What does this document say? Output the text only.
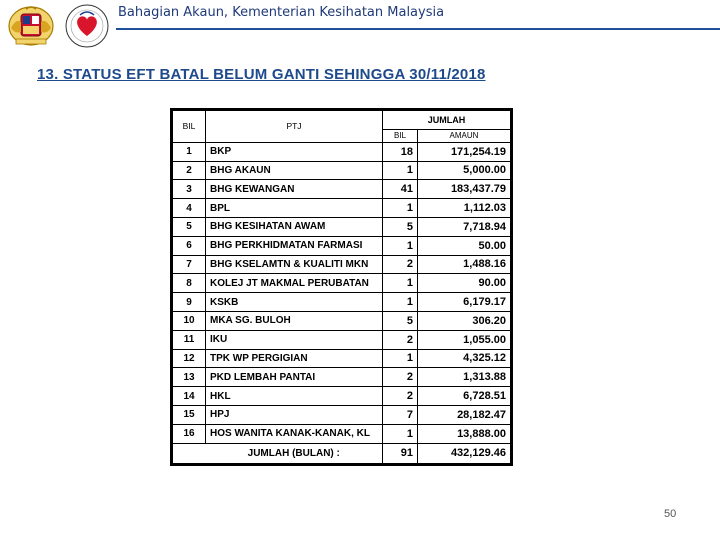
Bahagian Akaun, Kementerian Kesihatan Malaysia
13. STATUS EFT BATAL BELUM GANTI SEHINGGA 30/11/2018
BIL	PTJ	JUMLAH	
		BIL	AMAUN
1	BKP	18	171,254.19
2	BHG AKAUN	1	5,000.00
3	BHG KEWANGAN	41	183,437.79
4	BPL	1	1,112.03
5	BHG KESIHATAN AWAM	5	7,718.94
6	BHG PERKHIDMATAN FARMASI	1	50.00
7	BHG KSELAMTN & KUALITI MKN	2	1,488.16
8	KOLEJ JT MAKMAL PERUBATAN	1	90.00
9	KSKB	1	6,179.17
10	MKA SG. BULOH	5	306.20
11	IKU	2	1,055.00
12	TPK WP PERGIGIAN	1	4,325.12
13	PKD LEMBAH PANTAI	2	1,313.88
14	HKL	2	6,728.51
15	HPJ	7	28,182.47
16	HOS WANITA KANAK-KANAK, KL	1	13,888.00
	JUMLAH (BULAN) :	91	432,129.46
50
